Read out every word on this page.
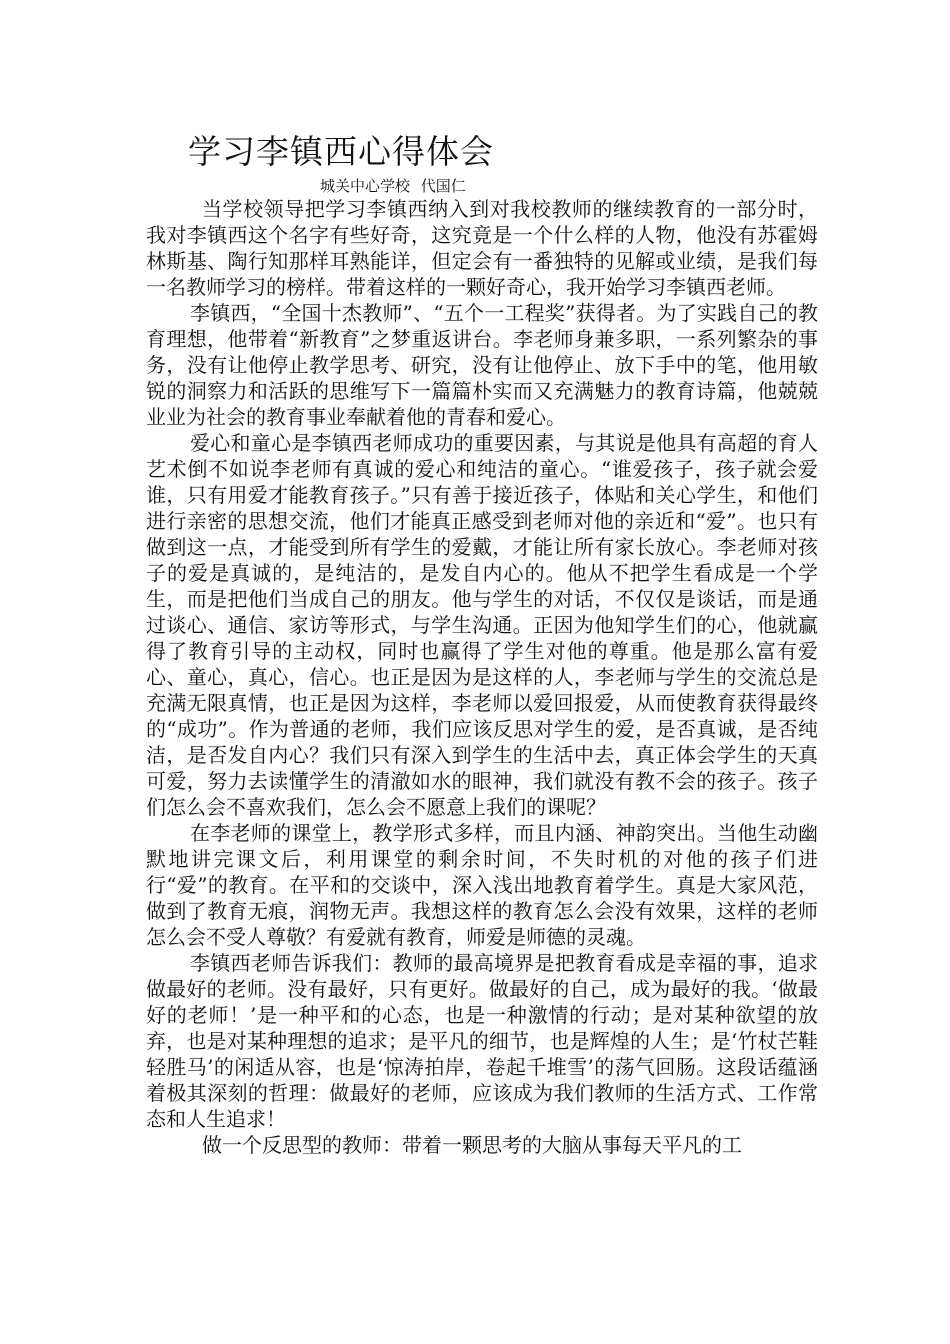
学习李镇西心得体会
城关中心学校 代国仁

当学校领导把学习李镇西纳入到对我校教师的继续教育的一部分时，我对李镇西这个名字有些好奇，这究竟是一个什么样的人物，他没有苏霍姆林斯基、陶行知那样耳熟能详，但定会有一番独特的见解或业绩，是我们每一名教师学习的榜样。带着这样的一颗好奇心，我开始学习李镇西老师。

李镇西，“全国十杰教师”、“五个一工程奖”获得者。为了实践自己的教育理想，他带着“新教育”之梦重返讲台。李老师身兼多职，一系列繁杂的事务，没有让他停止教学思考、研究，没有让他停止、放下手中的笔，他用敏锐的洞察力和活跃的思维写下一篇篇朴实而又充满魅力的教育诗篇，他兢兢业业为社会的教育事业奉献着他的青春和爱心。

爱心和童心是李镇西老师成功的重要因素，与其说是他具有高超的育人艺术倒不如说李老师有真诚的爱心和纯洁的童心。“谁爱孩子，孩子就会爱谁，只有用爱才能教育孩子。”只有善于接近孩子，体贴和关心学生，和他们进行亲密的思想交流，他们才能真正感受到老师对他的亲近和“爱”。也只有做到这一点，才能受到所有学生的爱戴，才能让所有家长放心。李老师对孩子的爱是真诚的，是纯洁的，是发自内心的。他从不把学生看成是一个学生，而是把他们当成自己的朋友。他与学生的对话，不仅仅是谈话，而是通过谈心、通信、家访等形式，与学生沟通。正因为他知学生们的心，他就赢得了教育引导的主动权，同时也赢得了学生对他的尊重。他是那么富有爱心、童心，真心，信心。也正是因为是这样的人，李老师与学生的交流总是充满无限真情，也正是因为这样，李老师以爱回报爱，从而使教育获得最终的“成功”。作为普通的老师，我们应该反思对学生的爱，是否真诚，是否纯洁，是否发自内心？我们只有深入到学生的生活中去，真正体会学生的天真可爱，努力去读懂学生的清澈如水的眼神，我们就没有教不会的孩子。孩子们怎么会不喜欢我们，怎么会不愿意上我们的课呢？

在李老师的课堂上，教学形式多样，而且内涵、神韵突出。当他生动幽默地讲完课文后，利用课堂的剩余时间，不失时机的对他的孩子们进行“爱”的教育。在平和的交谈中，深入浅出地教育着学生。真是大家风范，做到了教育无痕，润物无声。我想这样的教育怎么会没有效果，这样的老师怎么会不受人尊敬？有爱就有教育，师爱是师德的灵魂。

李镇西老师告诉我们：教师的最高境界是把教育看成是幸福的事，追求做最好的老师。没有最好，只有更好。做最好的自己，成为最好的我。‘做最好的老师！’是一种平和的心态，也是一种激情的行动；是对某种欲望的放弃，也是对某种理想的追求；是平凡的细节，也是辉煌的人生；是‘竹杖芒鞋轻胜马’的闲适从容，也是‘惊涛拍岸，卷起千堆雪’的荡气回肠。这段话蕴涵着极其深刻的哲理：做最好的老师，应该成为我们教师的生活方式、工作常态和人生追求！

做一个反思型的教师：带着一颗思考的大脑从事每天平凡的工
